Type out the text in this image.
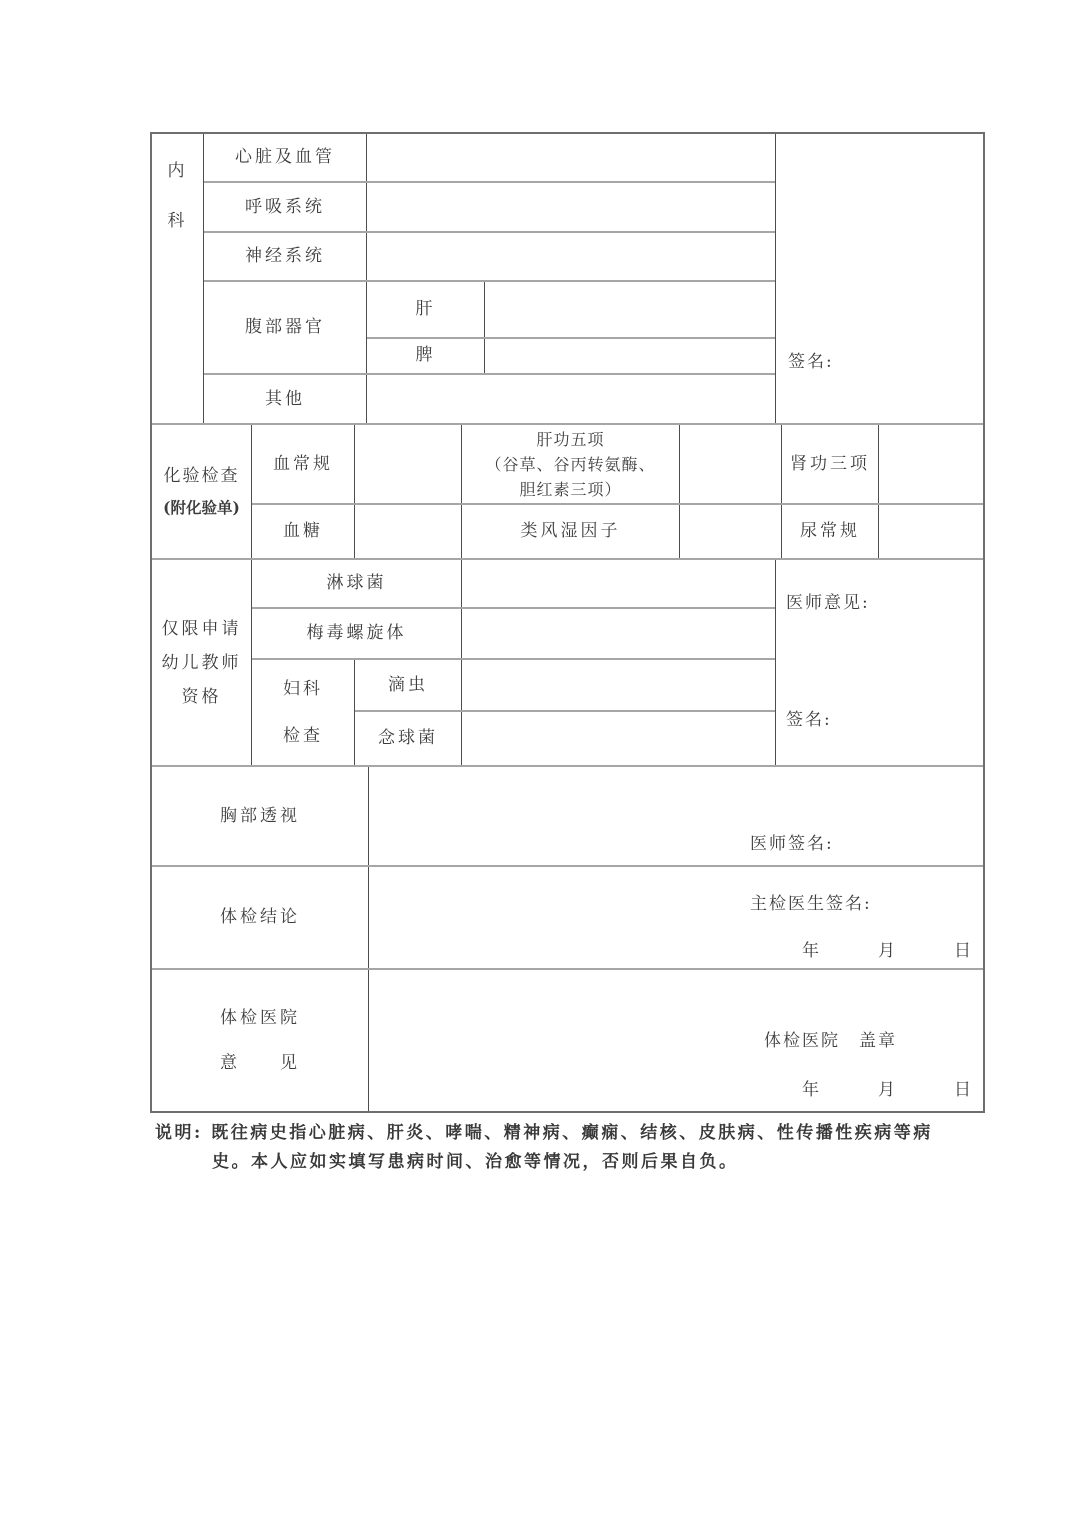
内
科
心脏及血管
呼吸系统
神经系统
腹部器官
肝
脾
其他
签名:
化验检查
(附化验单)
血常规
肝功五项
（谷草、谷丙转氨酶、
胆红素三项）
肾功三项
血糖	类风湿因子	尿常规
仅限申请
幼儿教师
资格
淋球菌
梅毒螺旋体
妇科
检查
滴虫
念球菌
医师意见:
签名:
胸部透视
医师签名:
体检结论
主检医生签名:
年　　　月　　　日
体检医院
意　　见
体检医院　盖章
年　　　月　　　日
说明: 既往病史指心脏病、肝炎、哮喘、精神病、癫痫、结核、皮肤病、性传播性疾病等病
史。本人应如实填写患病时间、治愈等情况，否则后果自负。
